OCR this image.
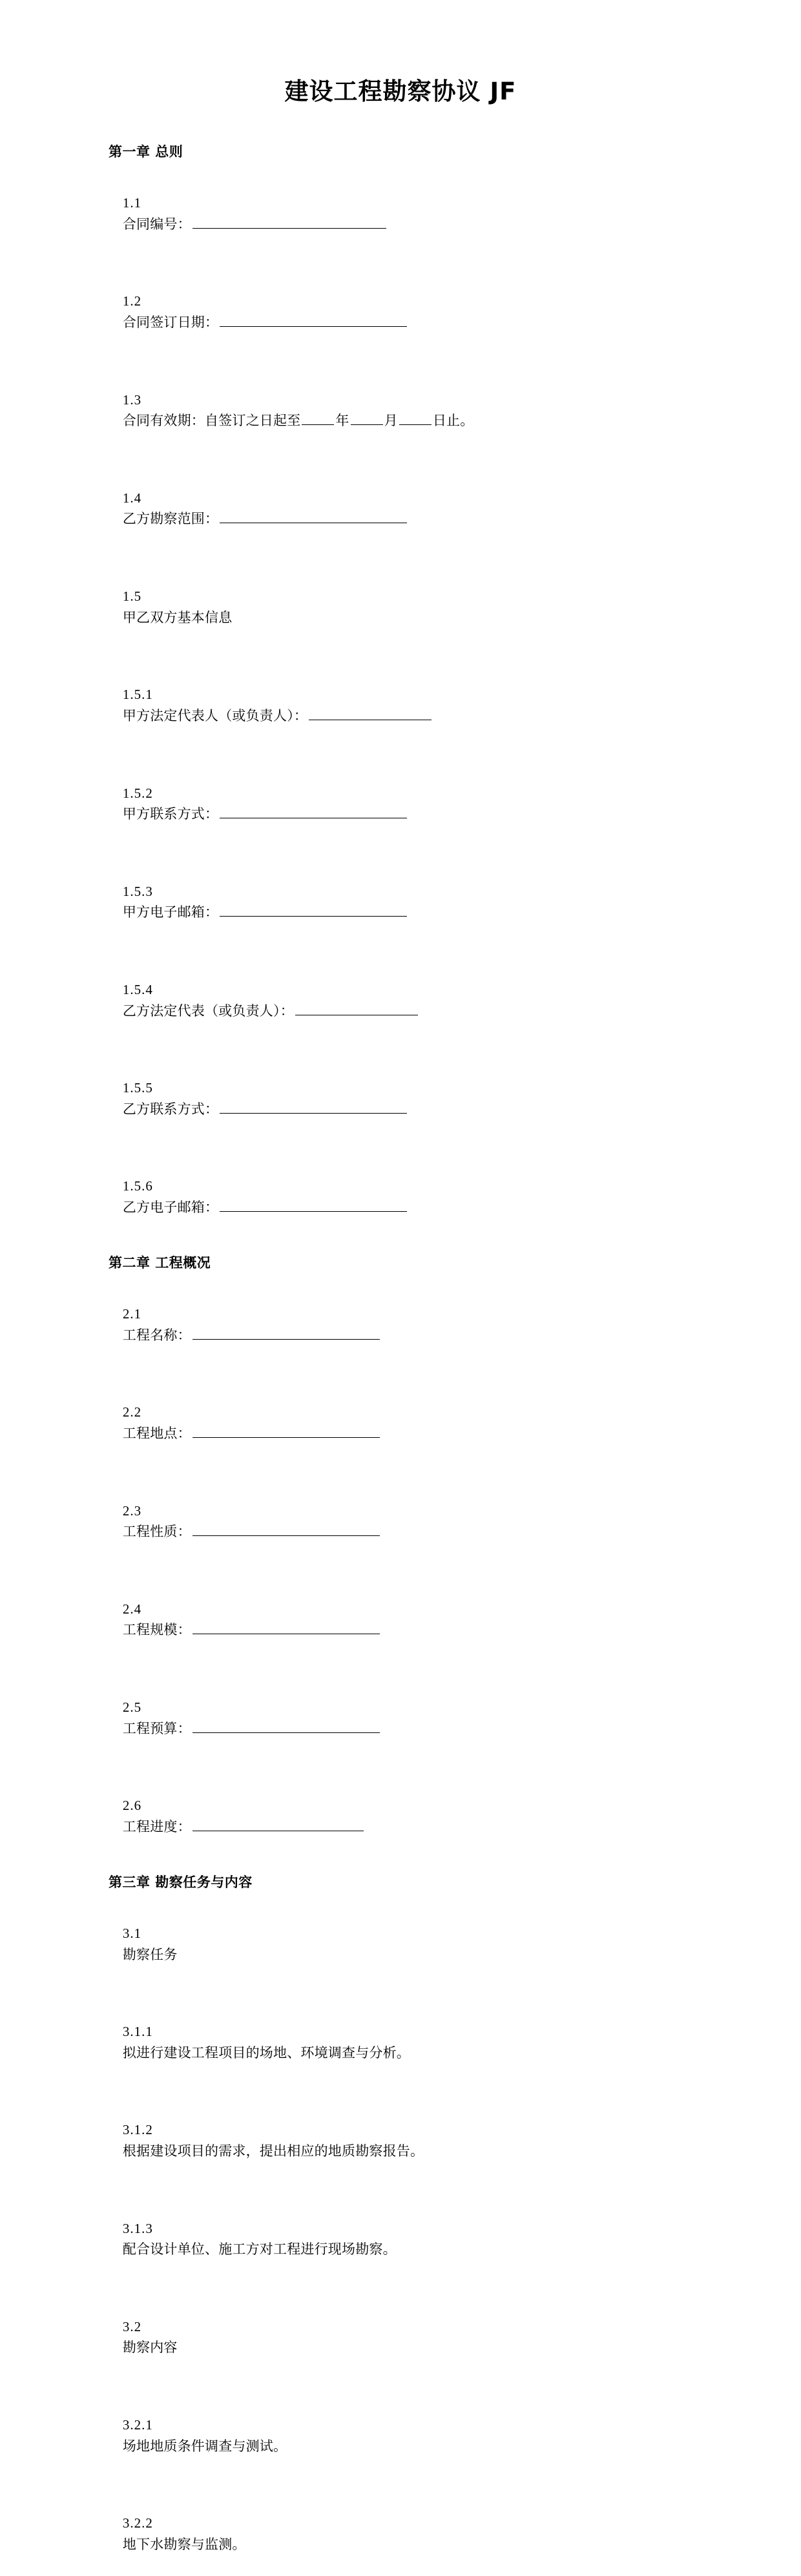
建设工程勘察协议 JF
第一章 总则

1.1
合同编号：

1.2
合同签订日期：

1.3
合同有效期：自签订之日起至	年	月	日止。

1.4
乙方勘察范围：

1.5
甲乙双方基本信息

1.5.1
甲方法定代表人（或负责人）：

1.5.2
甲方联系方式：

1.5.3
甲方电子邮箱：

1.5.4
乙方法定代表（或负责人）：

1.5.5
乙方联系方式：

1.5.6
乙方电子邮箱：

第二章 工程概况

2.1
工程名称：

2.2
工程地点：

2.3
工程性质：

2.4
工程规模：

2.5
工程预算：

2.6
工程进度：

第三章 勘察任务与内容

3.1
勘察任务

3.1.1
拟进行建设工程项目的场地、环境调查与分析。

3.1.2
根据建设项目的需求，提出相应的地质勘察报告。

3.1.3
配合设计单位、施工方对工程进行现场勘察。

3.2
勘察内容

3.2.1
场地地质条件调查与测试。

3.2.2
地下水勘察与监测。
